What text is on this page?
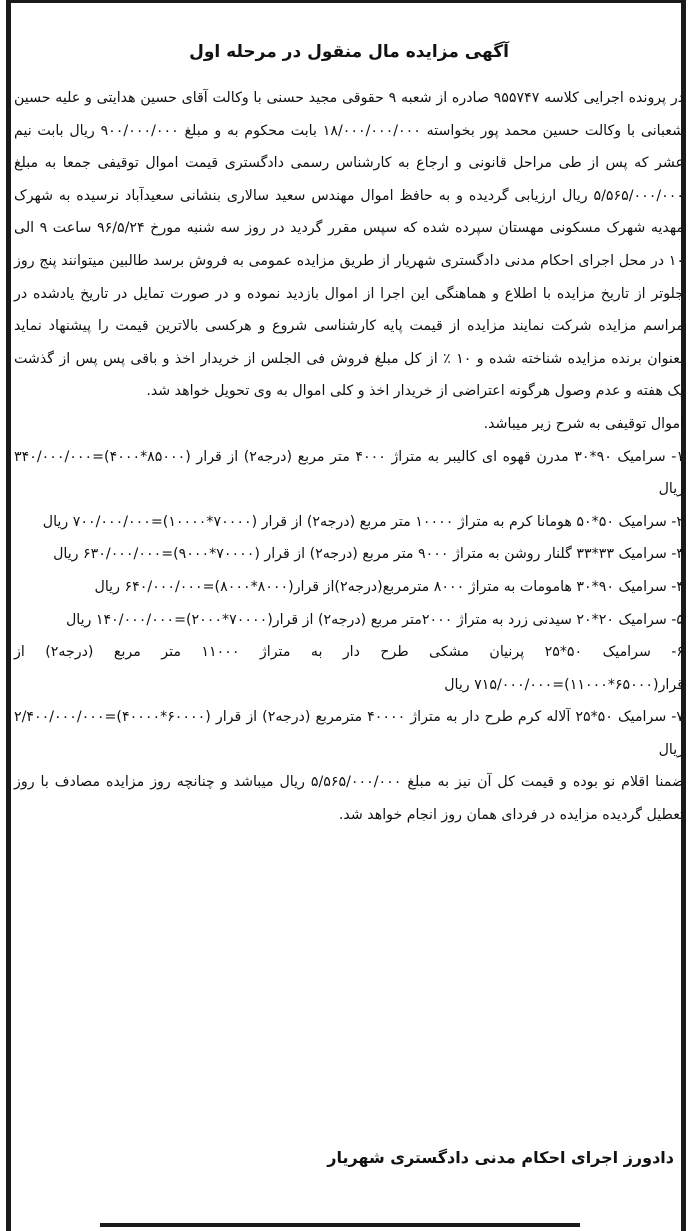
آگهی مزایده مال منقول در مرحله اول

در پرونده اجرایی کلاسه ۹۵۵۷۴۷ صادره از شعبه ۹ حقوقی مجید حسنی با وکالت آقای حسین هدایتی و علیه حسین شعبانی با وکالت حسین محمد پور بخواسته ۱۸/۰۰۰/۰۰۰/۰۰۰ بابت محکوم به و مبلغ ۹۰۰/۰۰۰/۰۰۰ ریال بابت نیم عشر که پس از طی مراحل قانونی و ارجاع به کارشناس رسمی دادگستری قیمت اموال توقیفی جمعا به مبلغ ۵/۵۶۵/۰۰۰/۰۰۰ ریال ارزیابی گردیده و به حافظ اموال مهندس سعید سالاری بنشانی سعیدآباد نرسیده به شهرک مهدیه شهرک مسکونی مهستان سپرده شده که سپس مقرر گردید در روز سه شنبه مورخ ۹۶/۵/۲۴ ساعت ۹ الی ۱۰ در محل اجرای احکام مدنی دادگستری شهریار از طریق مزایده عمومی به فروش برسد طالبین میتوانند پنج روز جلوتر از تاریخ مزایده با اطلاع و هماهنگی این اجرا از اموال بازدید نموده و در صورت تمایل در تاریخ یادشده در مراسم مزایده شرکت نمایند مزایده از قیمت پایه کارشناسی شروع و هرکسی بالاترین قیمت را پیشنهاد نماید بعنوان برنده مزایده شناخته شده و ۱۰ ٪ از کل مبلغ فروش فی الجلس از خریدار اخذ و باقی پس پس از گذشت یک هفته و عدم وصول هرگونه اعتراضی از خریدار اخذ و کلی اموال به وی تحویل خواهد شد.

اموال توقیفی به شرح زیر میباشد.

۱- سرامیک ۹۰*۳۰ مدرن قهوه ای کالیبر به متراژ ۴۰۰۰ متر مربع (درجه۲) از قرار (۸۵۰۰۰*۴۰۰۰)=۳۴۰/۰۰۰/۰۰۰ ریال

۲- سرامیک ۵۰*۵۰ هومانا کرم به متراژ ۱۰۰۰۰ متر مربع (درجه۲) از قرار (۷۰۰۰۰*۱۰۰۰۰)=۷۰۰/۰۰۰/۰۰۰ ریال

۳- سرامیک ۳۳*۳۳ گلنار روشن به متراژ ۹۰۰۰ متر مربع (درجه۲) از قرار (۷۰۰۰۰*۹۰۰۰)=۶۳۰/۰۰۰/۰۰۰ ریال

۴- سرامیک ۹۰*۳۰ هامومات به متراژ ۸۰۰۰ مترمربع(درجه۲)از قرار(۸۰۰۰*۸۰۰۰)=۶۴۰/۰۰۰/۰۰۰ ریال

۵- سرامیک ۲۰*۲۰ سیدنی زرد به متراژ ۲۰۰۰متر مربع (درجه۲) از قرار(۷۰۰۰۰*۲۰۰۰)=۱۴۰/۰۰۰/۰۰۰ ریال

۶- سرامیک ۵۰*۲۵ پرنیان مشکی طرح دار به متراژ ۱۱۰۰۰ متر مربع (درجه۲) از قرار(۶۵۰۰۰*۱۱۰۰۰)=۷۱۵/۰۰۰/۰۰۰ ریال

۷- سرامیک ۵۰*۲۵ آلاله کرم طرح دار به متراژ ۴۰۰۰۰ مترمربع (درجه۲) از قرار (۶۰۰۰۰*۴۰۰۰۰)=۲/۴۰۰/۰۰۰/۰۰۰ ریال

ضمنا اقلام نو بوده و قیمت کل آن نیز به مبلغ ۵/۵۶۵/۰۰۰/۰۰۰ ریال میباشد و چنانچه روز مزایده مصادف با روز تعطیل گردیده مزایده در فردای همان روز انجام خواهد شد.

دادورز اجرای احکام مدنی دادگستری شهریار
